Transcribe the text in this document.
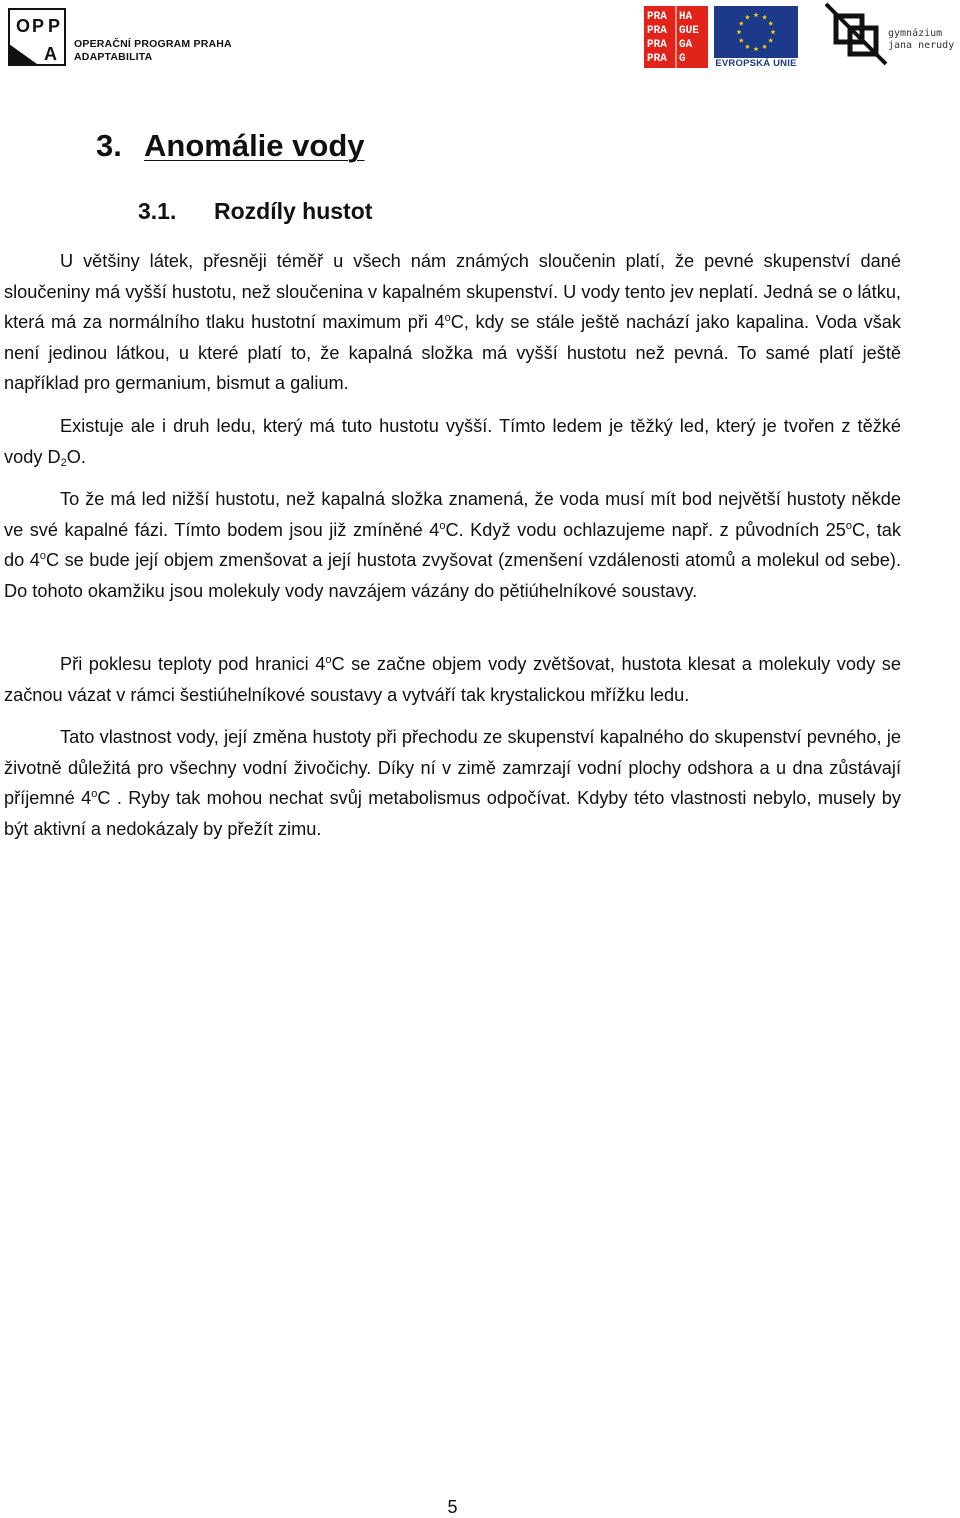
O P P
A OPERAČNÍ PROGRAM PRAHA
ADAPTABILITA
PRA HA
PRA GUE
PRA GA
PRA G	EVROPSKÁ UNIE
gymnázium
jana nerudy
3. Anomálie vody
3.1. Rozdíly hustot

U většiny látek, přesněji téměř u všech nám známých sloučenin platí, že pevné skupenství dané sloučeniny má vyšší hustotu, než sloučenina v kapalném skupenství. U vody tento jev neplatí. Jedná se o látku, která má za normálního tlaku hustotní maximum při 4$^o$C, kdy se stále ještě nachází jako kapalina. Voda však není jedinou látkou, u které platí to, že kapalná složka má vyšší hustotu než pevná. To samé platí ještě například pro germanium, bismut a galium.

Existuje ale i druh ledu, který má tuto hustotu vyšší. Tímto ledem je těžký led, který je tvořen z těžké vody $D_2O$.

To že má led nižší hustotu, než kapalná složka znamená, že voda musí mít bod největší hustoty někde ve své kapalné fázi. Tímto bodem jsou již zmíněné 4$^o$C. Když vodu ochlazujeme např. z původních 25$^o$C, tak do 4$^o$C se bude její objem zmenšovat a její hustota zvyšovat (zmenšení vzdálenosti atomů a molekul od sebe). Do tohoto okamžiku jsou molekuly vody navzájem vázány do pětiúhelníkové soustavy.

Při poklesu teploty pod hranici 4$^o$C se začne objem vody zvětšovat, hustota klesat a molekuly vody se začnou vázat v rámci šestiúhelníkové soustavy a vytváří tak krystalickou mřížku ledu.

Tato vlastnost vody, její změna hustoty při přechodu ze skupenství kapalného do skupenství pevného, je životně důležitá pro všechny vodní živočichy. Díky ní v zimě zamrzají vodní plochy odshora a u dna zůstávají příjemné 4$^o$C . Ryby tak mohou nechat svůj metabolismus odpočívat. Kdyby této vlastnosti nebylo, musely by být aktivní a nedokázaly by přežít zimu.

5
